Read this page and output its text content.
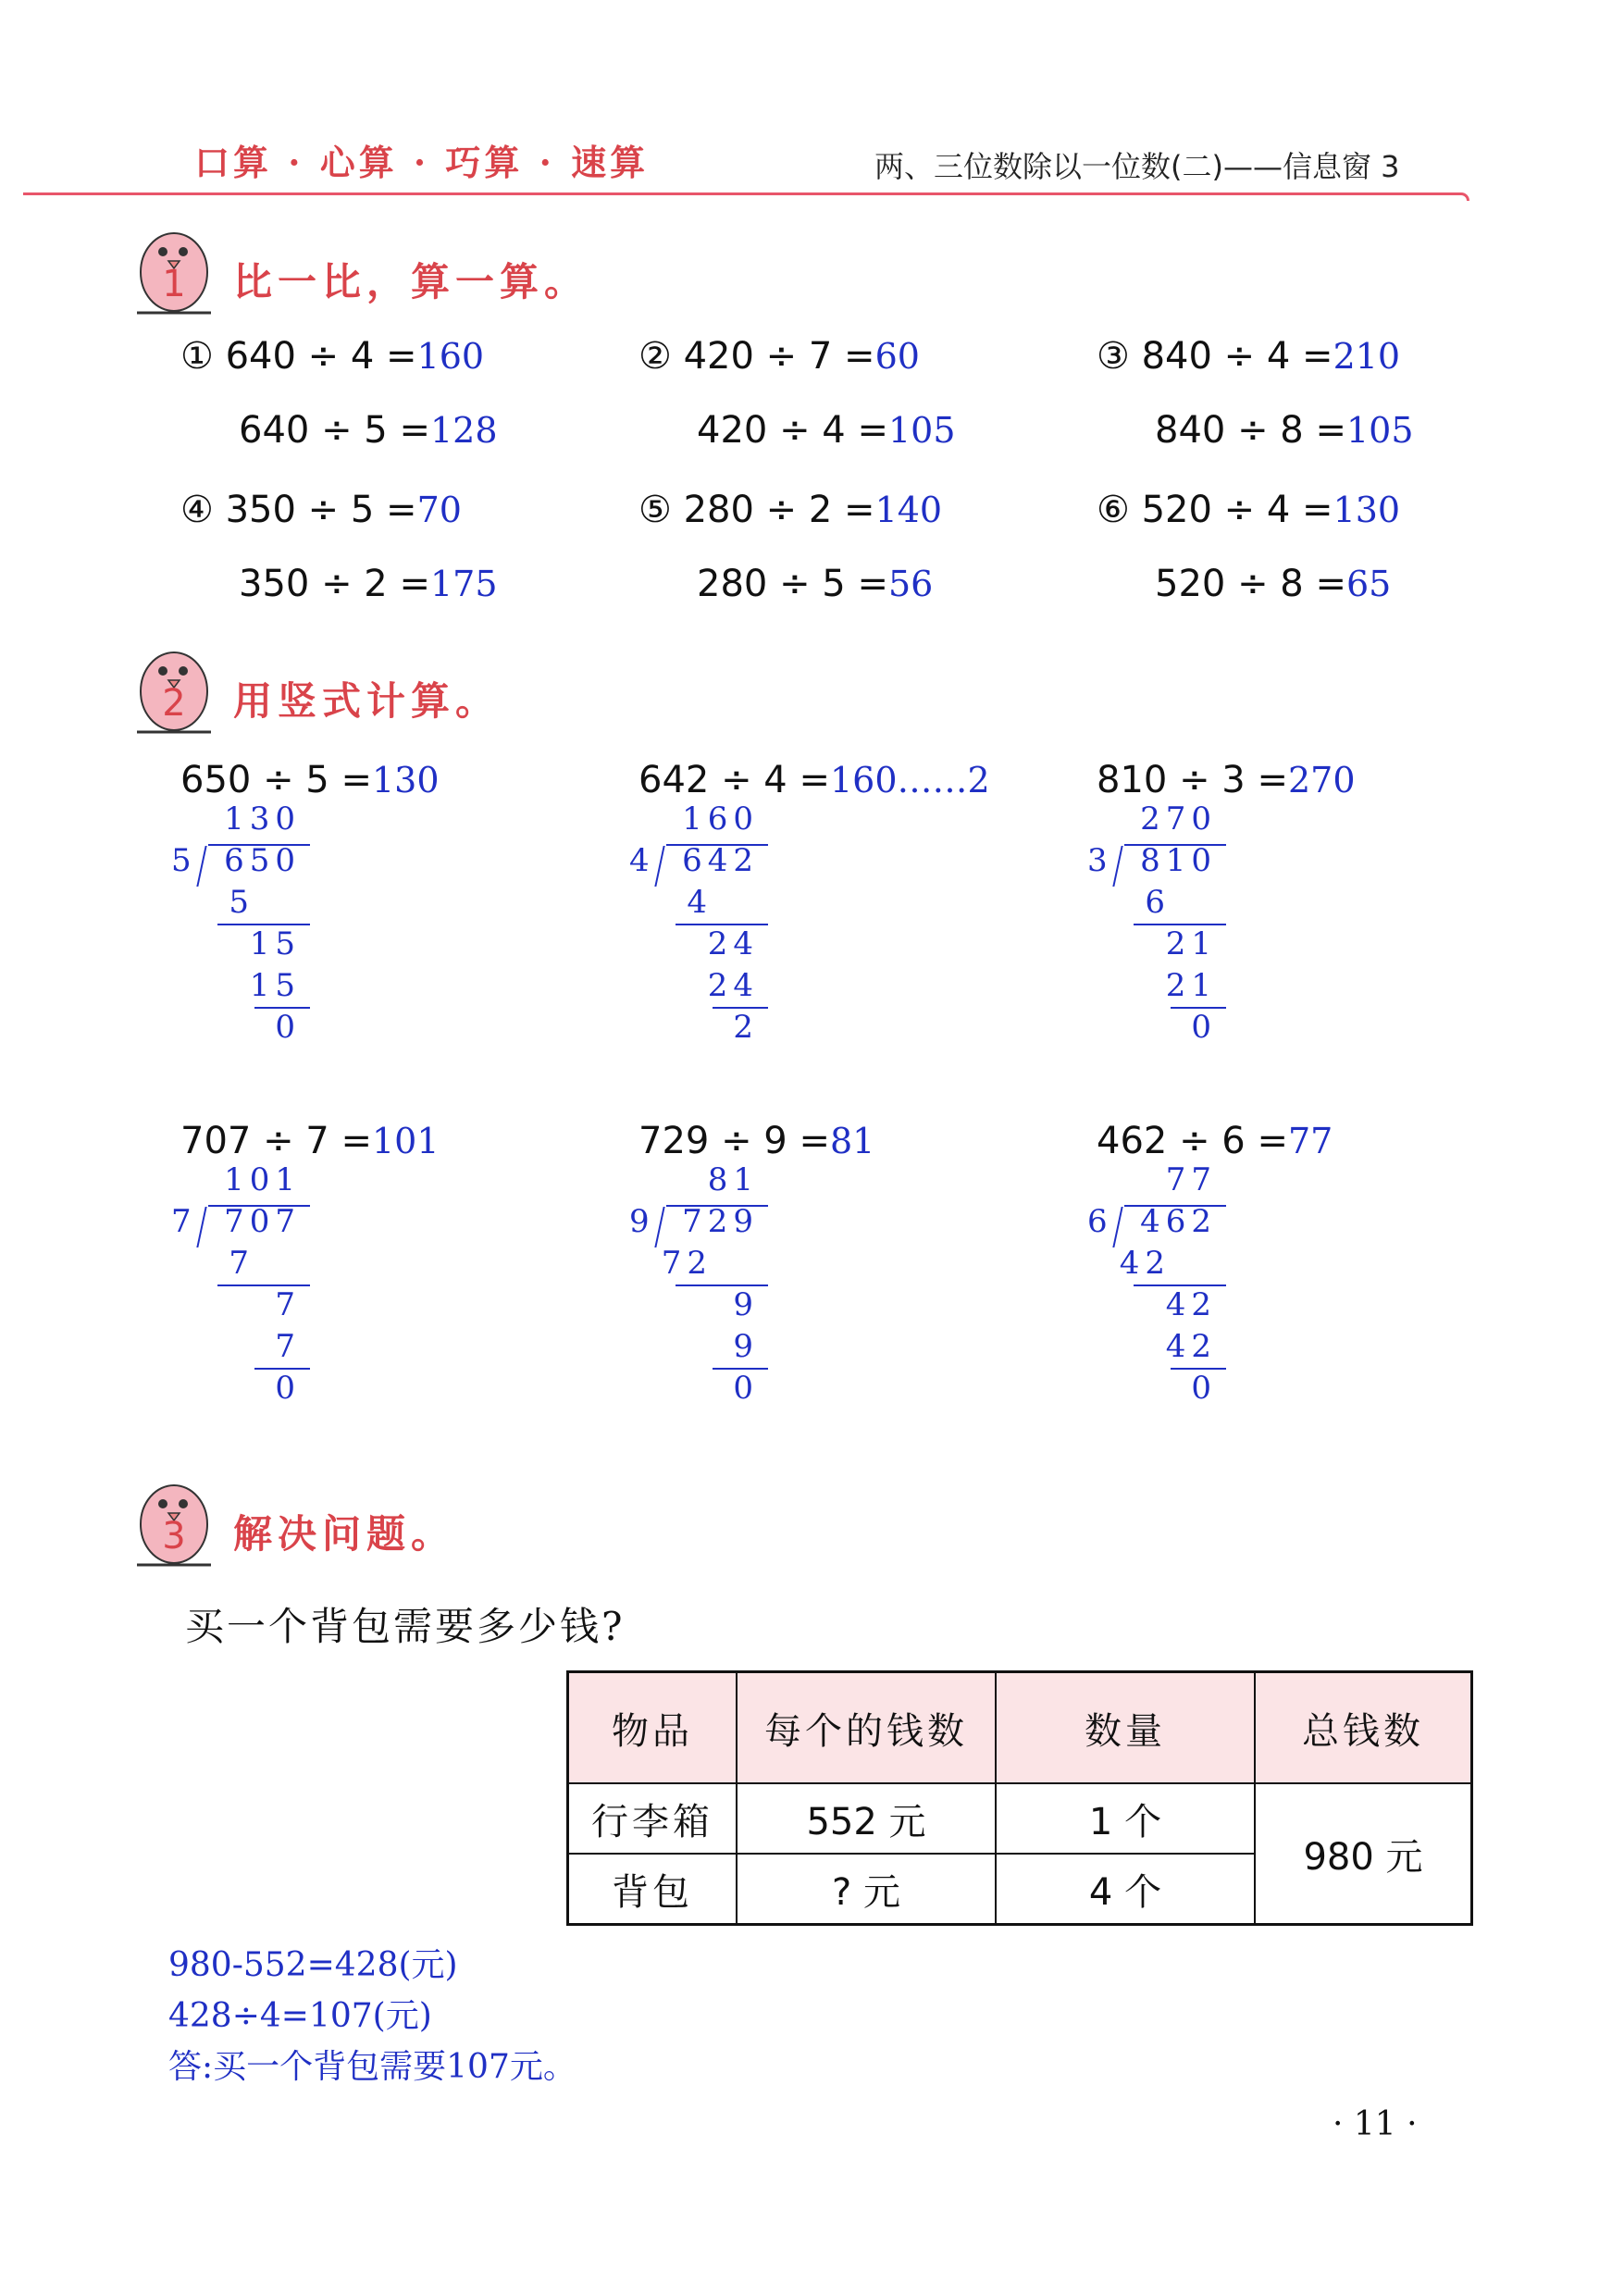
口算 · 心算 · 巧算 · 速算	两、三位数除以一位数(二)——信息窗 3
1 比一比，算一算。
① 640 ÷ 4 =160
640 ÷ 5 =128
② 420 ÷ 7 =60
420 ÷ 4 =105
③ 840 ÷ 4 =210
840 ÷ 8 =105
④ 350 ÷ 5 =70
350 ÷ 2 =175
⑤ 280 ÷ 2 =140
280 ÷ 5 =56
⑥ 520 ÷ 4 =130
520 ÷ 8 =65
2 用竖式计算。
650 ÷ 5 =130
130
5 650
5
15
15
0
642 ÷ 4 =160……2
160
4 642
4
24
24
2
810 ÷ 3 =270
270
3 810
6
21
21
0
707 ÷ 7 =101
101
7 707
7
7
7
0
729 ÷ 9 =81
81
9 729
72
9
9
0
462 ÷ 6 =77
77
6 462
42
42
42
0
3 解决问题。
买一个背包需要多少钱?
物品	每个的钱数	数量	总钱数
行李箱	552 元	1 个	980 元
背包	? 元	4 个	
980-552=428(元)
428÷4=107(元)
答:买一个背包需要107元。
· 11 ·
